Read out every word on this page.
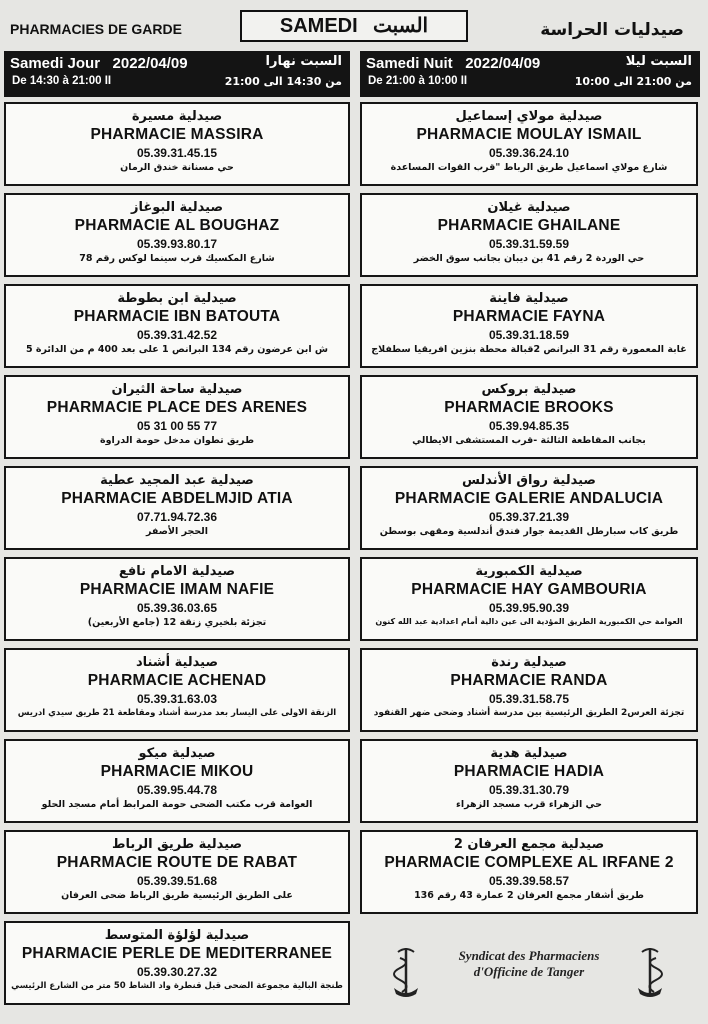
PHARMACIES DE GARDE	SAMEDI السبت	صيدليات الحراسة
Samedi Jour 2022/04/09	السبت نهارا
De 14:30 à 21:00 II	من 14:30 الى 21:00
Samedi Nuit 2022/04/09	السبت ليلا
De 21:00 à 10:00 II	من 21:00 الى 10:00
صيدلية مسيرة
PHARMACIE MASSIRA
05.39.31.45.15
حي مسنانة خندق الرمان
صيدلية البوغاز
PHARMACIE AL BOUGHAZ
05.39.93.80.17
شارع المكسيك قرب سينما لوكس رقم 78
صيدلية ابن بطوطة
PHARMACIE IBN BATOUTA
05.39.31.42.52
ش ابن عرضون رقم 134 البرانص 1 على بعد 400 م من الدائرة 5
صيدلية ساحة الثيران
PHARMACIE PLACE DES ARENES
05 31 00 55 77
طريق تطوان مدخل حومة الدراوة
صيدلية عبد المجيد عطية
PHARMACIE ABDELMJID ATIA
07.71.94.72.36
الحجر الأصفر
صيدلية الامام نافع
PHARMACIE IMAM NAFIE
05.39.36.03.65
تجزئة بلخيري زنقة 12 (جامع الأربعين)
صيدلية أشناد
PHARMACIE ACHENAD
05.39.31.63.03
الزنقة الاولى على اليسار بعد مدرسة أشناد ومقاطعة 21 طريق سيدي ادريس
صيدلية ميكو
PHARMACIE MIKOU
05.39.95.44.78
العوامة قرب مكتب الضحى حومة المرابط أمام مسجد الحلو
صيدلية طريق الرباط
PHARMACIE ROUTE DE RABAT
05.39.39.51.68
على الطريق الرئيسية طريق الرباط ضحى العرفان
صيدلية لؤلؤة المتوسط
PHARMACIE PERLE DE MEDITERRANEE
05.39.30.27.32
طنجة البالية مجموعة الضحى قبل قنطرة واد الشاط 50 متر من الشارع الرئيسي
صيدلية مولاي إسماعيل
PHARMACIE MOULAY ISMAIL
05.39.36.24.10
شارع مولاي اسماعيل طريق الرباط "قرب القوات المساعدة
صيدلية غيلان
PHARMACIE GHAILANE
05.39.31.59.59
حي الوردة 2 رقم 41 بن ديبان بجانب سوق الخضر
صيدلية فاينة
PHARMACIE FAYNA
05.39.31.18.59
غابة المعمورة رقم 31 البرانص 2قبالة محطة بنزين افريقيا سطفلاج
صيدلية بروكس
PHARMACIE BROOKS
05.39.94.85.35
بجانب المقاطعة الثالثة -قرب المستشفى الايطالي
صيدلية رواق الأندلس
PHARMACIE GALERIE ANDALUCIA
05.39.37.21.39
طريق كاب سبارطل القديمة جوار فندق أندلسية ومقهى بوسطن
صيدلية الكمبورية
PHARMACIE HAY GAMBOURIA
05.39.95.90.39
العوامة حي الكمبورية الطريق المؤدية الى عين دالية أمام اعدادية عبد الله كنون
صيدلية رندة
PHARMACIE RANDA
05.39.31.58.75
تجزئة العرس2 الطريق الرئيسية بين مدرسة أشناد وضحى ضهر القنفود
صيدلية هدية
PHARMACIE HADIA
05.39.31.30.79
حي الزهراء قرب مسجد الزهراء
صيدلية مجمع العرفان 2
PHARMACIE COMPLEXE AL IRFANE 2
05.39.39.58.57
طريق أشقار مجمع العرفان 2 عمارة 43 رقم 136
Syndicat des Pharmaciens
d'Officine de Tanger
